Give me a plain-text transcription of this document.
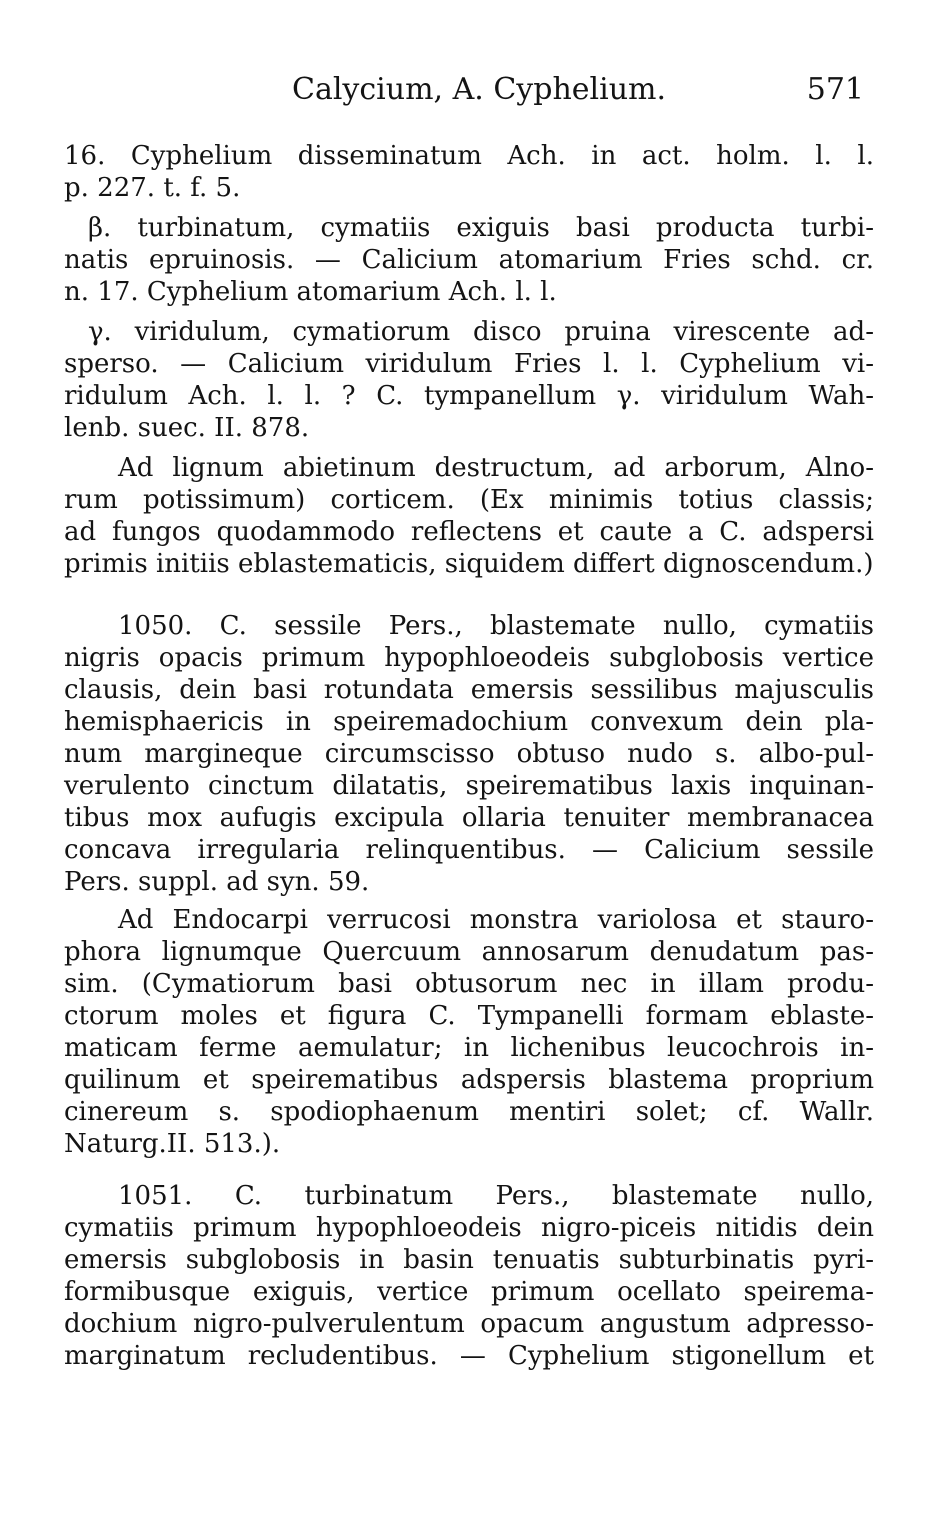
Calycium, A. Cyphelium.	571
16. Cyphelium disseminatum Ach. in act. holm. l. l.
p. 227. t. f. 5.
β. turbinatum, cymatiis exiguis basi producta turbi-
natis epruinosis. — Calicium atomarium Fries schd. cr.
n. 17. Cyphelium atomarium Ach. l. l.
γ. viridulum, cymatiorum disco pruina virescente ad-
sperso. — Calicium viridulum Fries l. l. Cyphelium vi-
ridulum Ach. l. l. ? C. tympanellum γ. viridulum Wah-
lenb. suec. II. 878.
Ad lignum abietinum destructum, ad arborum, Alno-
rum potissimum) corticem. (Ex minimis totius classis;
ad fungos quodammodo reflectens et caute a C. adspersi
primis initiis eblastematicis, siquidem differt dignoscendum.)
1050. C. sessile Pers., blastemate nullo, cymatiis
nigris opacis primum hypophloeodeis subglobosis vertice
clausis, dein basi rotundata emersis sessilibus majusculis
hemisphaericis in speiremadochium convexum dein pla-
num margineque circumscisso obtuso nudo s. albo-pul-
verulento cinctum dilatatis, speirematibus laxis inquinan-
tibus mox aufugis excipula ollaria tenuiter membranacea
concava irregularia relinquentibus. — Calicium sessile
Pers. suppl. ad syn. 59.
Ad Endocarpi verrucosi monstra variolosa et stauro-
phora lignumque Quercuum annosarum denudatum pas-
sim. (Cymatiorum basi obtusorum nec in illam produ-
ctorum moles et figura C. Tympanelli formam eblaste-
maticam ferme aemulatur; in lichenibus leucochrois in-
quilinum et speirematibus adspersis blastema proprium
cinereum s. spodiophaenum mentiri solet; cf. Wallr.
Naturg.II. 513.).
1051. C. turbinatum Pers., blastemate nullo,
cymatiis primum hypophloeodeis nigro-piceis nitidis dein
emersis subglobosis in basin tenuatis subturbinatis pyri-
formibusque exiguis, vertice primum ocellato speirema-
dochium nigro-pulverulentum opacum angustum adpresso-
marginatum recludentibus. — Cyphelium stigonellum et
